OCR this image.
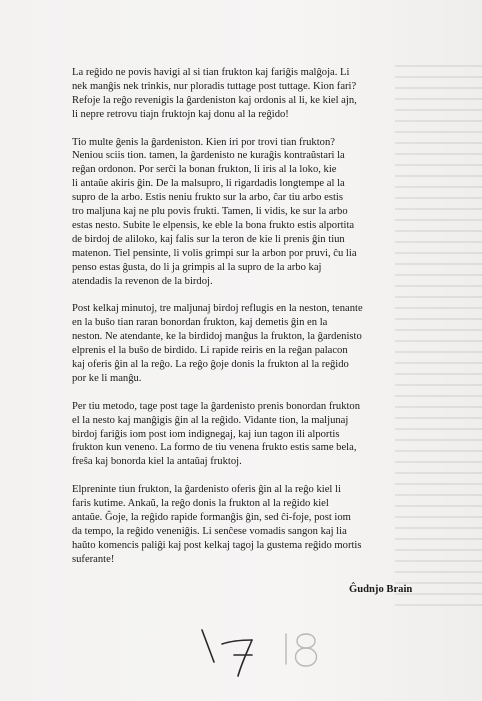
La reĝido ne povis havigi al si tian frukton kaj fariĝis malĝoja. Li
nek manĝis nek trinkis, nur ploradis tuttage post tuttage. Kion fari?
Refoje la reĝo revenigis la ĝardeniston kaj ordonis al li, ke kiel ajn,
li nepre retrovu tiajn fruktojn kaj donu al la reĝido!

Tio multe ĝenis la ĝardeniston. Kien iri por trovi tian frukton?
Neniou sciis tion. tamen, la ĝardenisto ne kuraĝis kontraŭstari la
reĝan ordonon. Por serĉi la bonan frukton, li iris al la loko, kie
li antaŭe akiris ĝin. De la malsupro, li rigardadis longtempe al la
supro de la arbo. Estis neniu frukto sur la arbo, ĉar tiu arbo estis
tro maljuna kaj ne plu povis frukti. Tamen, li vidis, ke sur la arbo
estas nesto. Subite le elpensis, ke eble la bona frukto estis alportita
de birdoj de aliloko, kaj falis sur la teron de kie li prenis ĝin tiun
matenon. Tiel pensinte, li volis grimpi sur la arbon por pruvi, ĉu lia
penso estas ĝusta, do li ja grimpis al la supro de la arbo kaj
atendadis la revenon de la birdoj.

Post kelkaj minutoj, tre maljunaj birdoj reflugis en la neston, tenante
en la buŝo tian raran bonordan frukton, kaj demetis ĝin en la
neston. Ne atendante, ke la birdidoj manĝus la frukton, la ĝardenisto
elprenis el la buŝo de birdido. Li rapide reiris en la reĝan palacon
kaj oferis ĝin al la reĝo. La reĝo ĝoje donis la frukton al la reĝido
por ke li manĝu.

Per tiu metodo, tage post tage la ĝardenisto prenis bonordan frukton
el la nesto kaj manĝigis ĝin al la reĝido. Vidante tion, la maljunaj
birdoj fariĝis iom post iom indignegaj, kaj iun tagon ili alportis
frukton kun veneno. La formo de tiu venena frukto estis same bela,
freŝa kaj bonorda kiel la antaŭaj fruktoj.

Elpreninte tiun frukton, la ĝardenisto oferis ĝin al la reĝo kiel li
faris kutime. Ankaŭ, la reĝo donis la frukton al la reĝido kiel
antaŭe. Ĝoje, la reĝido rapide formanĝis ĝin, sed ĉi-foje, post iom
da tempo, la reĝido veneniĝis. Li senĉese vomadis sangon kaj lia
haŭto komencis paliĝi kaj post kelkaj tagoj la gustema reĝido mortis
suferante!

Ĝudnjo Brain
